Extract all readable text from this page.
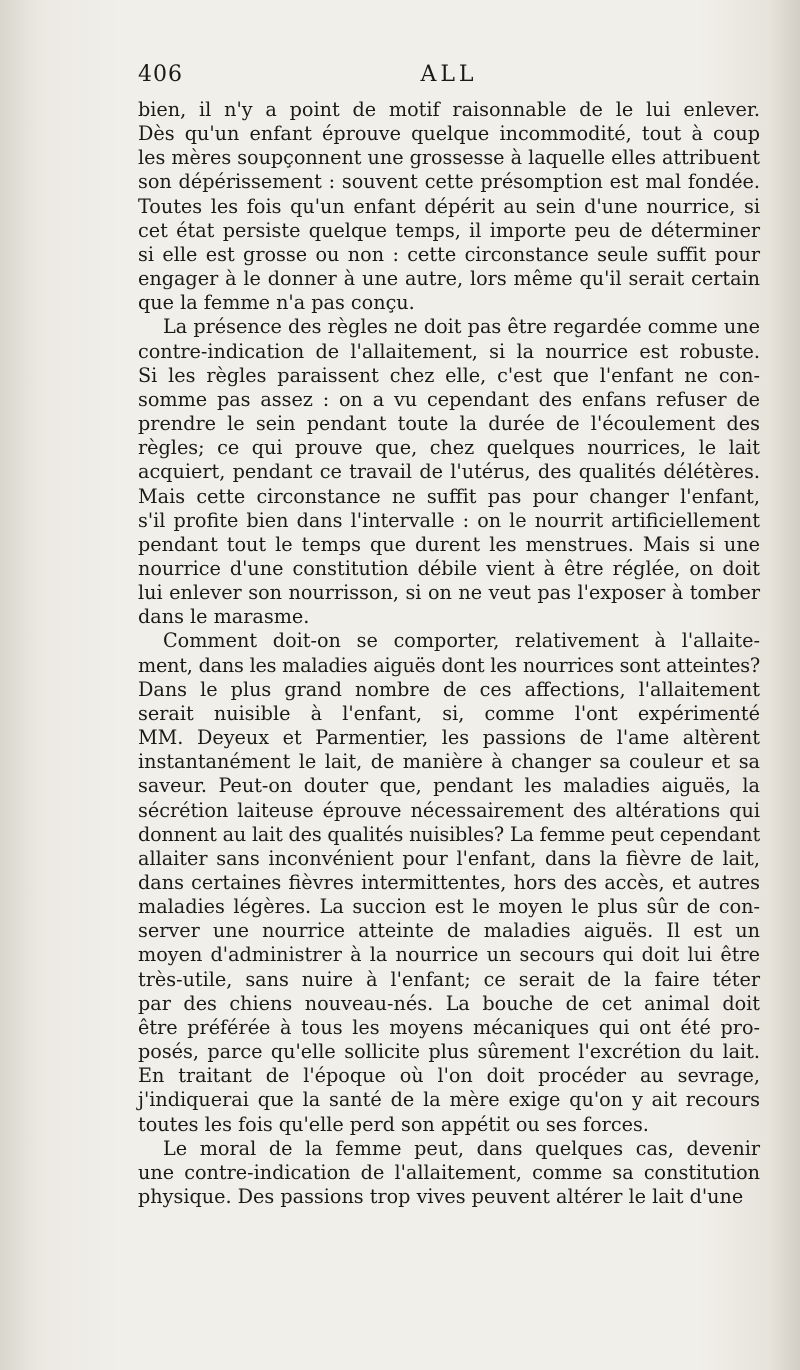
406	ALL
bien, il n'y a point de motif raisonnable de le lui enlever.
Dès qu'un enfant éprouve quelque incommodité, tout à coup
les mères soupçonnent une grossesse à laquelle elles attribuent
son dépérissement : souvent cette présomption est mal fondée.
Toutes les fois qu'un enfant dépérit au sein d'une nourrice, si
cet état persiste quelque temps, il importe peu de déterminer
si elle est grosse ou non : cette circonstance seule suffit pour
engager à le donner à une autre, lors même qu'il serait certain
que la femme n'a pas conçu.
La présence des règles ne doit pas être regardée comme une
contre-indication de l'allaitement, si la nourrice est robuste.
Si les règles paraissent chez elle, c'est que l'enfant ne con-
somme pas assez : on a vu cependant des enfans refuser de
prendre le sein pendant toute la durée de l'écoulement des
règles; ce qui prouve que, chez quelques nourrices, le lait
acquiert, pendant ce travail de l'utérus, des qualités délétères.
Mais cette circonstance ne suffit pas pour changer l'enfant,
s'il profite bien dans l'intervalle : on le nourrit artificiellement
pendant tout le temps que durent les menstrues. Mais si une
nourrice d'une constitution débile vient à être réglée, on doit
lui enlever son nourrisson, si on ne veut pas l'exposer à tomber
dans le marasme.
Comment doit-on se comporter, relativement à l'allaite-
ment, dans les maladies aiguës dont les nourrices sont atteintes?
Dans le plus grand nombre de ces affections, l'allaitement
serait nuisible à l'enfant, si, comme l'ont expérimenté
MM. Deyeux et Parmentier, les passions de l'ame altèrent
instantanément le lait, de manière à changer sa couleur et sa
saveur. Peut-on douter que, pendant les maladies aiguës, la
sécrétion laiteuse éprouve nécessairement des altérations qui
donnent au lait des qualités nuisibles? La femme peut cependant
allaiter sans inconvénient pour l'enfant, dans la fièvre de lait,
dans certaines fièvres intermittentes, hors des accès, et autres
maladies légères. La succion est le moyen le plus sûr de con-
server une nourrice atteinte de maladies aiguës. Il est un
moyen d'administrer à la nourrice un secours qui doit lui être
très-utile, sans nuire à l'enfant; ce serait de la faire téter
par des chiens nouveau-nés. La bouche de cet animal doit
être préférée à tous les moyens mécaniques qui ont été pro-
posés, parce qu'elle sollicite plus sûrement l'excrétion du lait.
En traitant de l'époque où l'on doit procéder au sevrage,
j'indiquerai que la santé de la mère exige qu'on y ait recours
toutes les fois qu'elle perd son appétit ou ses forces.
Le moral de la femme peut, dans quelques cas, devenir
une contre-indication de l'allaitement, comme sa constitution
physique. Des passions trop vives peuvent altérer le lait d'une
